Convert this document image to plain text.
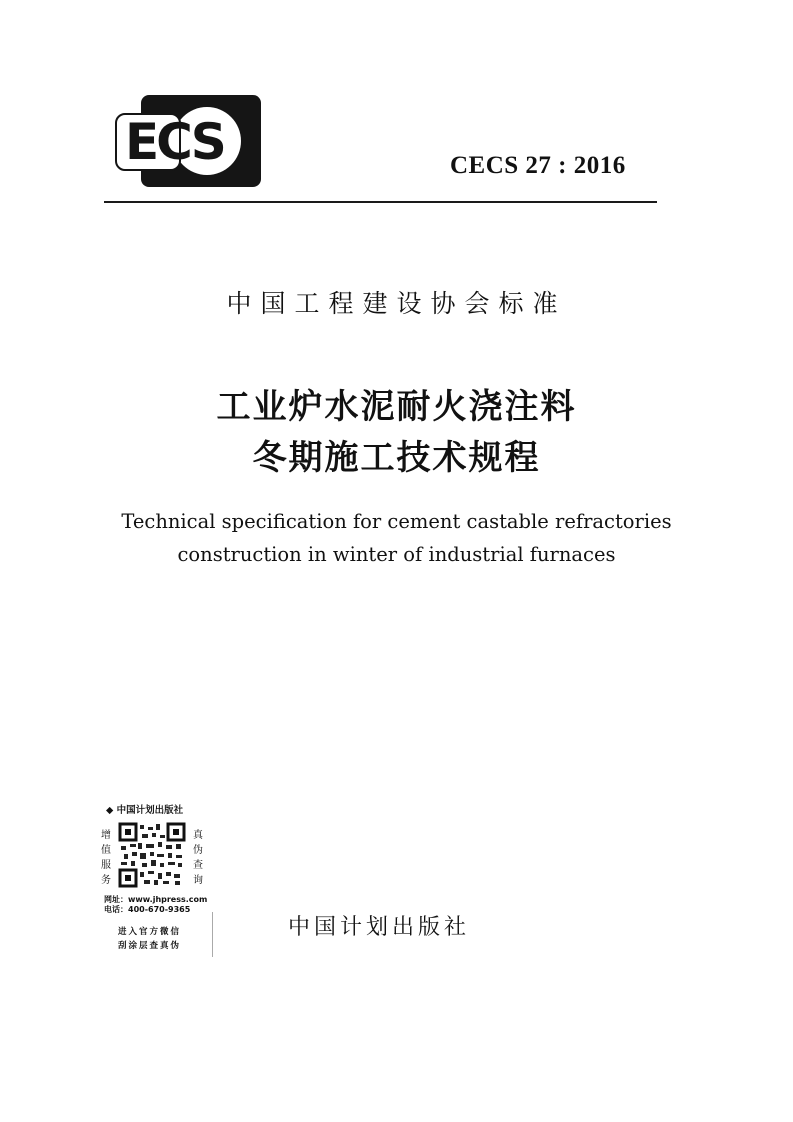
ECS	CECS 27 : 2016
中国工程建设协会标准
工业炉水泥耐火浇注料
冬期施工技术规程
Technical specification for cement castable refractories
construction in winter of industrial furnaces
◆ 中国计划出版社
增
值
服
务
真
伪
查
询
网址：www.jhpress.com
电话：400-670-9365
进入官方微信
刮涂层查真伪
中国计划出版社
